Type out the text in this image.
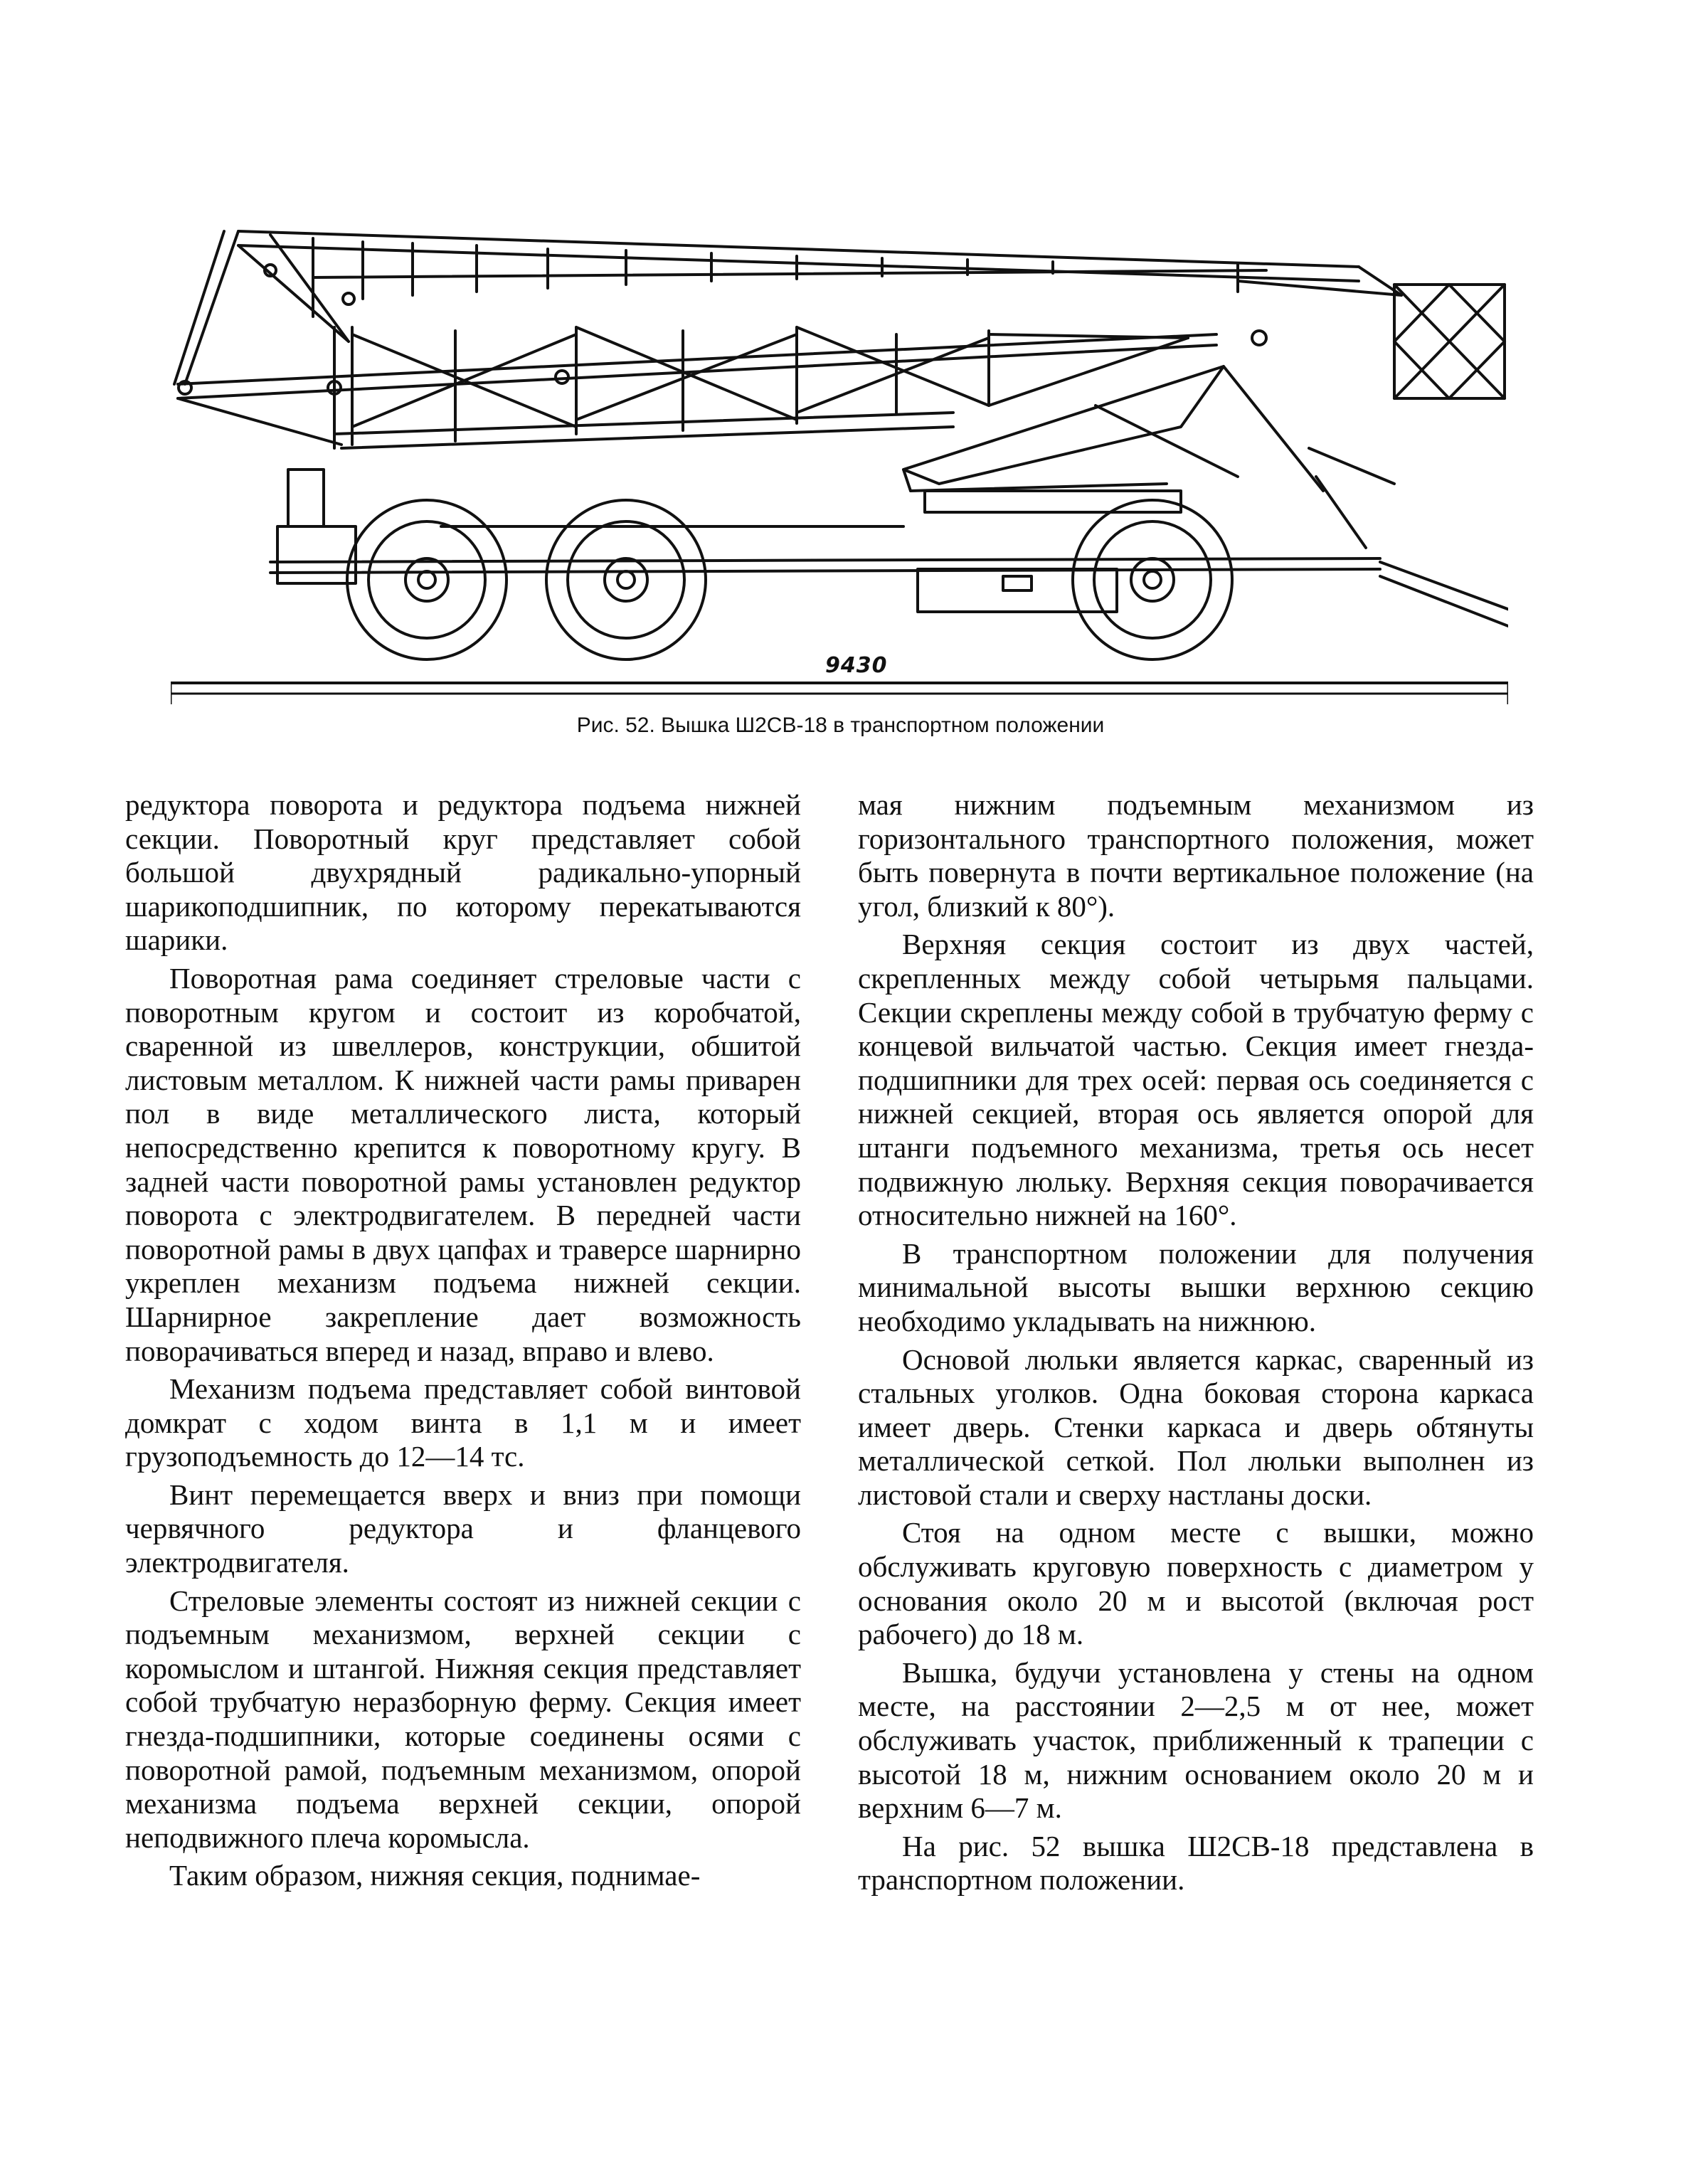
9430
Рис. 52. Вышка Ш2СВ-18 в транспортном положении

редуктора поворота и редуктора подъема нижней секции. Поворотный круг представляет собой большой двухрядный радикально-упорный шарикоподшипник, по которому перекатываются шарики.

Поворотная рама соединяет стреловые части с поворотным кругом и состоит из коробчатой, сваренной из швеллеров, конструкции, обшитой листовым металлом. К нижней части рамы приварен пол в виде металлического листа, который непосредственно крепится к поворотному кругу. В задней части поворотной рамы установлен редуктор поворота с электродвигателем. В передней части поворотной рамы в двух цапфах и траверсе шарнирно укреплен механизм подъема нижней секции. Шарнирное закрепление дает возможность поворачиваться вперед и назад, вправо и влево.

Механизм подъема представляет собой винтовой домкрат с ходом винта в 1,1 м и имеет грузоподъемность до 12—14 тс.

Винт перемещается вверх и вниз при помощи червячного редуктора и фланцевого электродвигателя.

Стреловые элементы состоят из нижней секции с подъемным механизмом, верхней секции с коромыслом и штангой. Нижняя секция представляет собой трубчатую неразборную ферму. Секция имеет гнезда-подшипники, которые соединены осями с поворотной рамой, подъемным механизмом, опорой механизма подъема верхней секции, опорой неподвижного плеча коромысла.

Таким образом, нижняя секция, поднимае-

мая нижним подъемным механизмом из горизонтального транспортного положения, может быть повернута в почти вертикальное положение (на угол, близкий к 80°).

Верхняя секция состоит из двух частей, скрепленных между собой четырьмя пальцами. Секции скреплены между собой в трубчатую ферму с концевой вильчатой частью. Секция имеет гнезда-подшипники для трех осей: первая ось соединяется с нижней секцией, вторая ось является опорой для штанги подъемного механизма, третья ось несет подвижную люльку. Верхняя секция поворачивается относительно нижней на 160°.

В транспортном положении для получения минимальной высоты вышки верхнюю секцию необходимо укладывать на нижнюю.

Основой люльки является каркас, сваренный из стальных уголков. Одна боковая сторона каркаса имеет дверь. Стенки каркаса и дверь обтянуты металлической сеткой. Пол люльки выполнен из листовой стали и сверху настланы доски.

Стоя на одном месте с вышки, можно обслуживать круговую поверхность с диаметром у основания около 20 м и высотой (включая рост рабочего) до 18 м.

Вышка, будучи установлена у стены на одном месте, на расстоянии 2—2,5 м от нее, может обслуживать участок, приближенный к трапеции с высотой 18 м, нижним основанием около 20 м и верхним 6—7 м.

На рис. 52 вышка Ш2СВ-18 представлена в транспортном положении.
